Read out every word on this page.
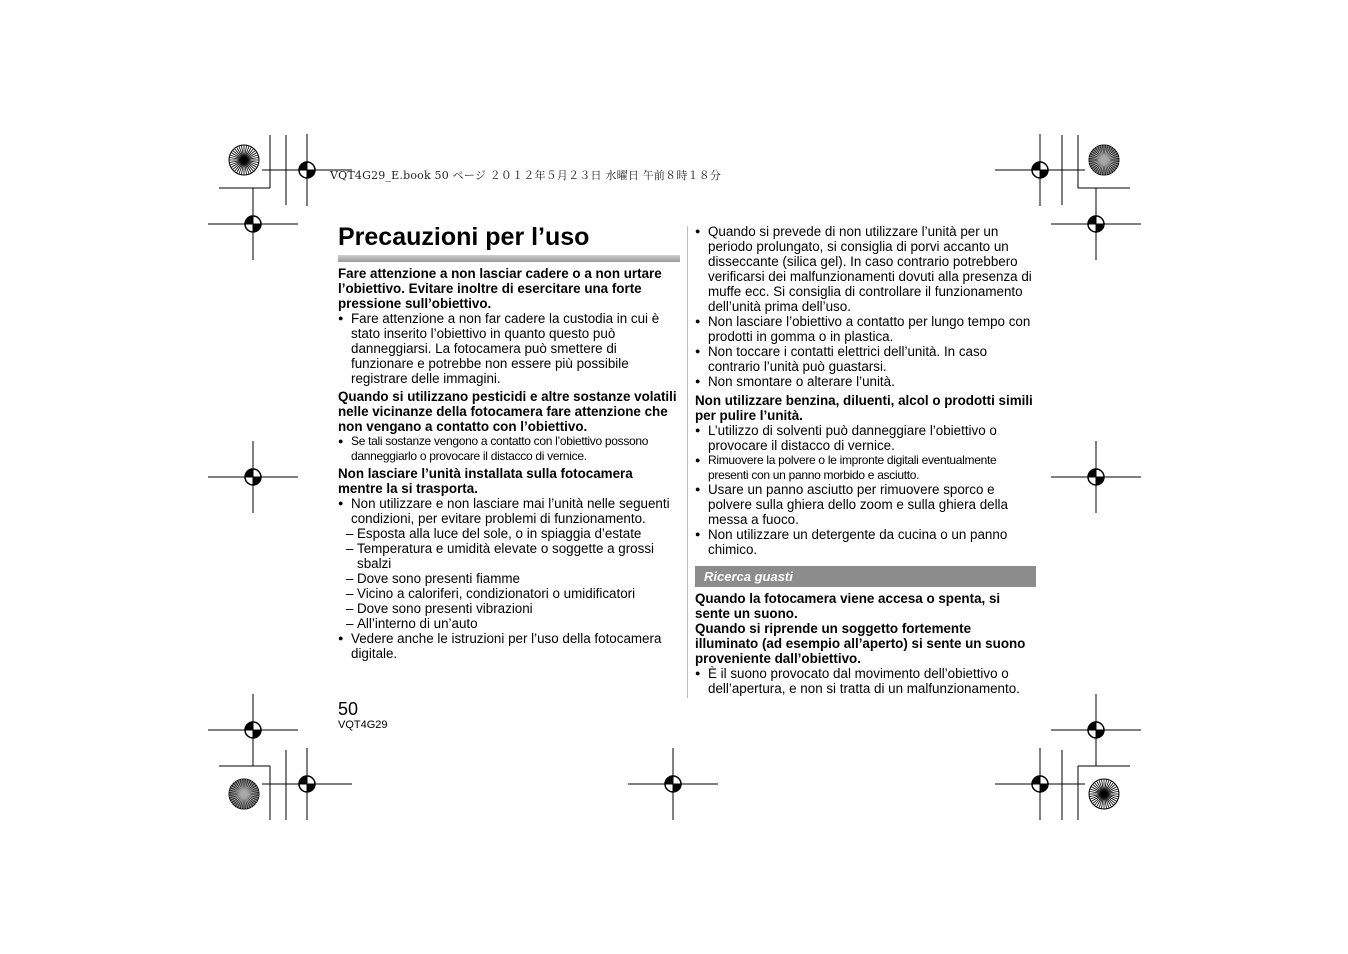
VQT4G29_E.book 50 ページ ２０１２年５月２３日 水曜日 午前８時１８分
Precauzioni per l’uso

Fare attenzione a non lasciar cadere o a non urtare l’obiettivo. Evitare inoltre di esercitare una forte pressione sull’obiettivo.

● Fare attenzione a non far cadere la custodia in cui è stato inserito l’obiettivo in quanto questo può danneggiarsi. La fotocamera può smettere di funzionare e potrebbe non essere più possibile registrare delle immagini.

Quando si utilizzano pesticidi e altre sostanze volatili nelle vicinanze della fotocamera fare attenzione che non vengano a contatto con l’obiettivo.

● Se tali sostanze vengono a contatto con l’obiettivo possono danneggiarlo o provocare il distacco di vernice.

Non lasciare l’unità installata sulla fotocamera mentre la si trasporta.

● Non utilizzare e non lasciare mai l’unità nelle seguenti condizioni, per evitare problemi di funzionamento.
– Esposta alla luce del sole, o in spiaggia d’estate
– Temperatura e umidità elevate o soggette a grossi sbalzi
– Dove sono presenti fiamme
– Vicino a caloriferi, condizionatori o umidificatori
– Dove sono presenti vibrazioni
– All’interno di un’auto
● Vedere anche le istruzioni per l’uso della fotocamera digitale.
● Quando si prevede di non utilizzare l’unità per un periodo prolungato, si consiglia di porvi accanto un disseccante (silica gel). In caso contrario potrebbero verificarsi dei malfunzionamenti dovuti alla presenza di muffe ecc. Si consiglia di controllare il funzionamento dell’unità prima dell’uso.
● Non lasciare l’obiettivo a contatto per lungo tempo con prodotti in gomma o in plastica.
● Non toccare i contatti elettrici dell’unità. In caso contrario l’unità può guastarsi.
● Non smontare o alterare l’unità.

Non utilizzare benzina, diluenti, alcol o prodotti simili per pulire l’unità.

● L’utilizzo di solventi può danneggiare l’obiettivo o provocare il distacco di vernice.
● Rimuovere la polvere o le impronte digitali eventualmente presenti con un panno morbido e asciutto.
● Usare un panno asciutto per rimuovere sporco e polvere sulla ghiera dello zoom e sulla ghiera della messa a fuoco.
● Non utilizzare un detergente da cucina o un panno chimico.
Ricerca guasti

Quando la fotocamera viene accesa o spenta, si sente un suono.

Quando si riprende un soggetto fortemente illuminato (ad esempio all’aperto) si sente un suono proveniente dall’obiettivo.

● È il suono provocato dal movimento dell’obiettivo o dell’apertura, e non si tratta di un malfunzionamento.
50
VQT4G29
